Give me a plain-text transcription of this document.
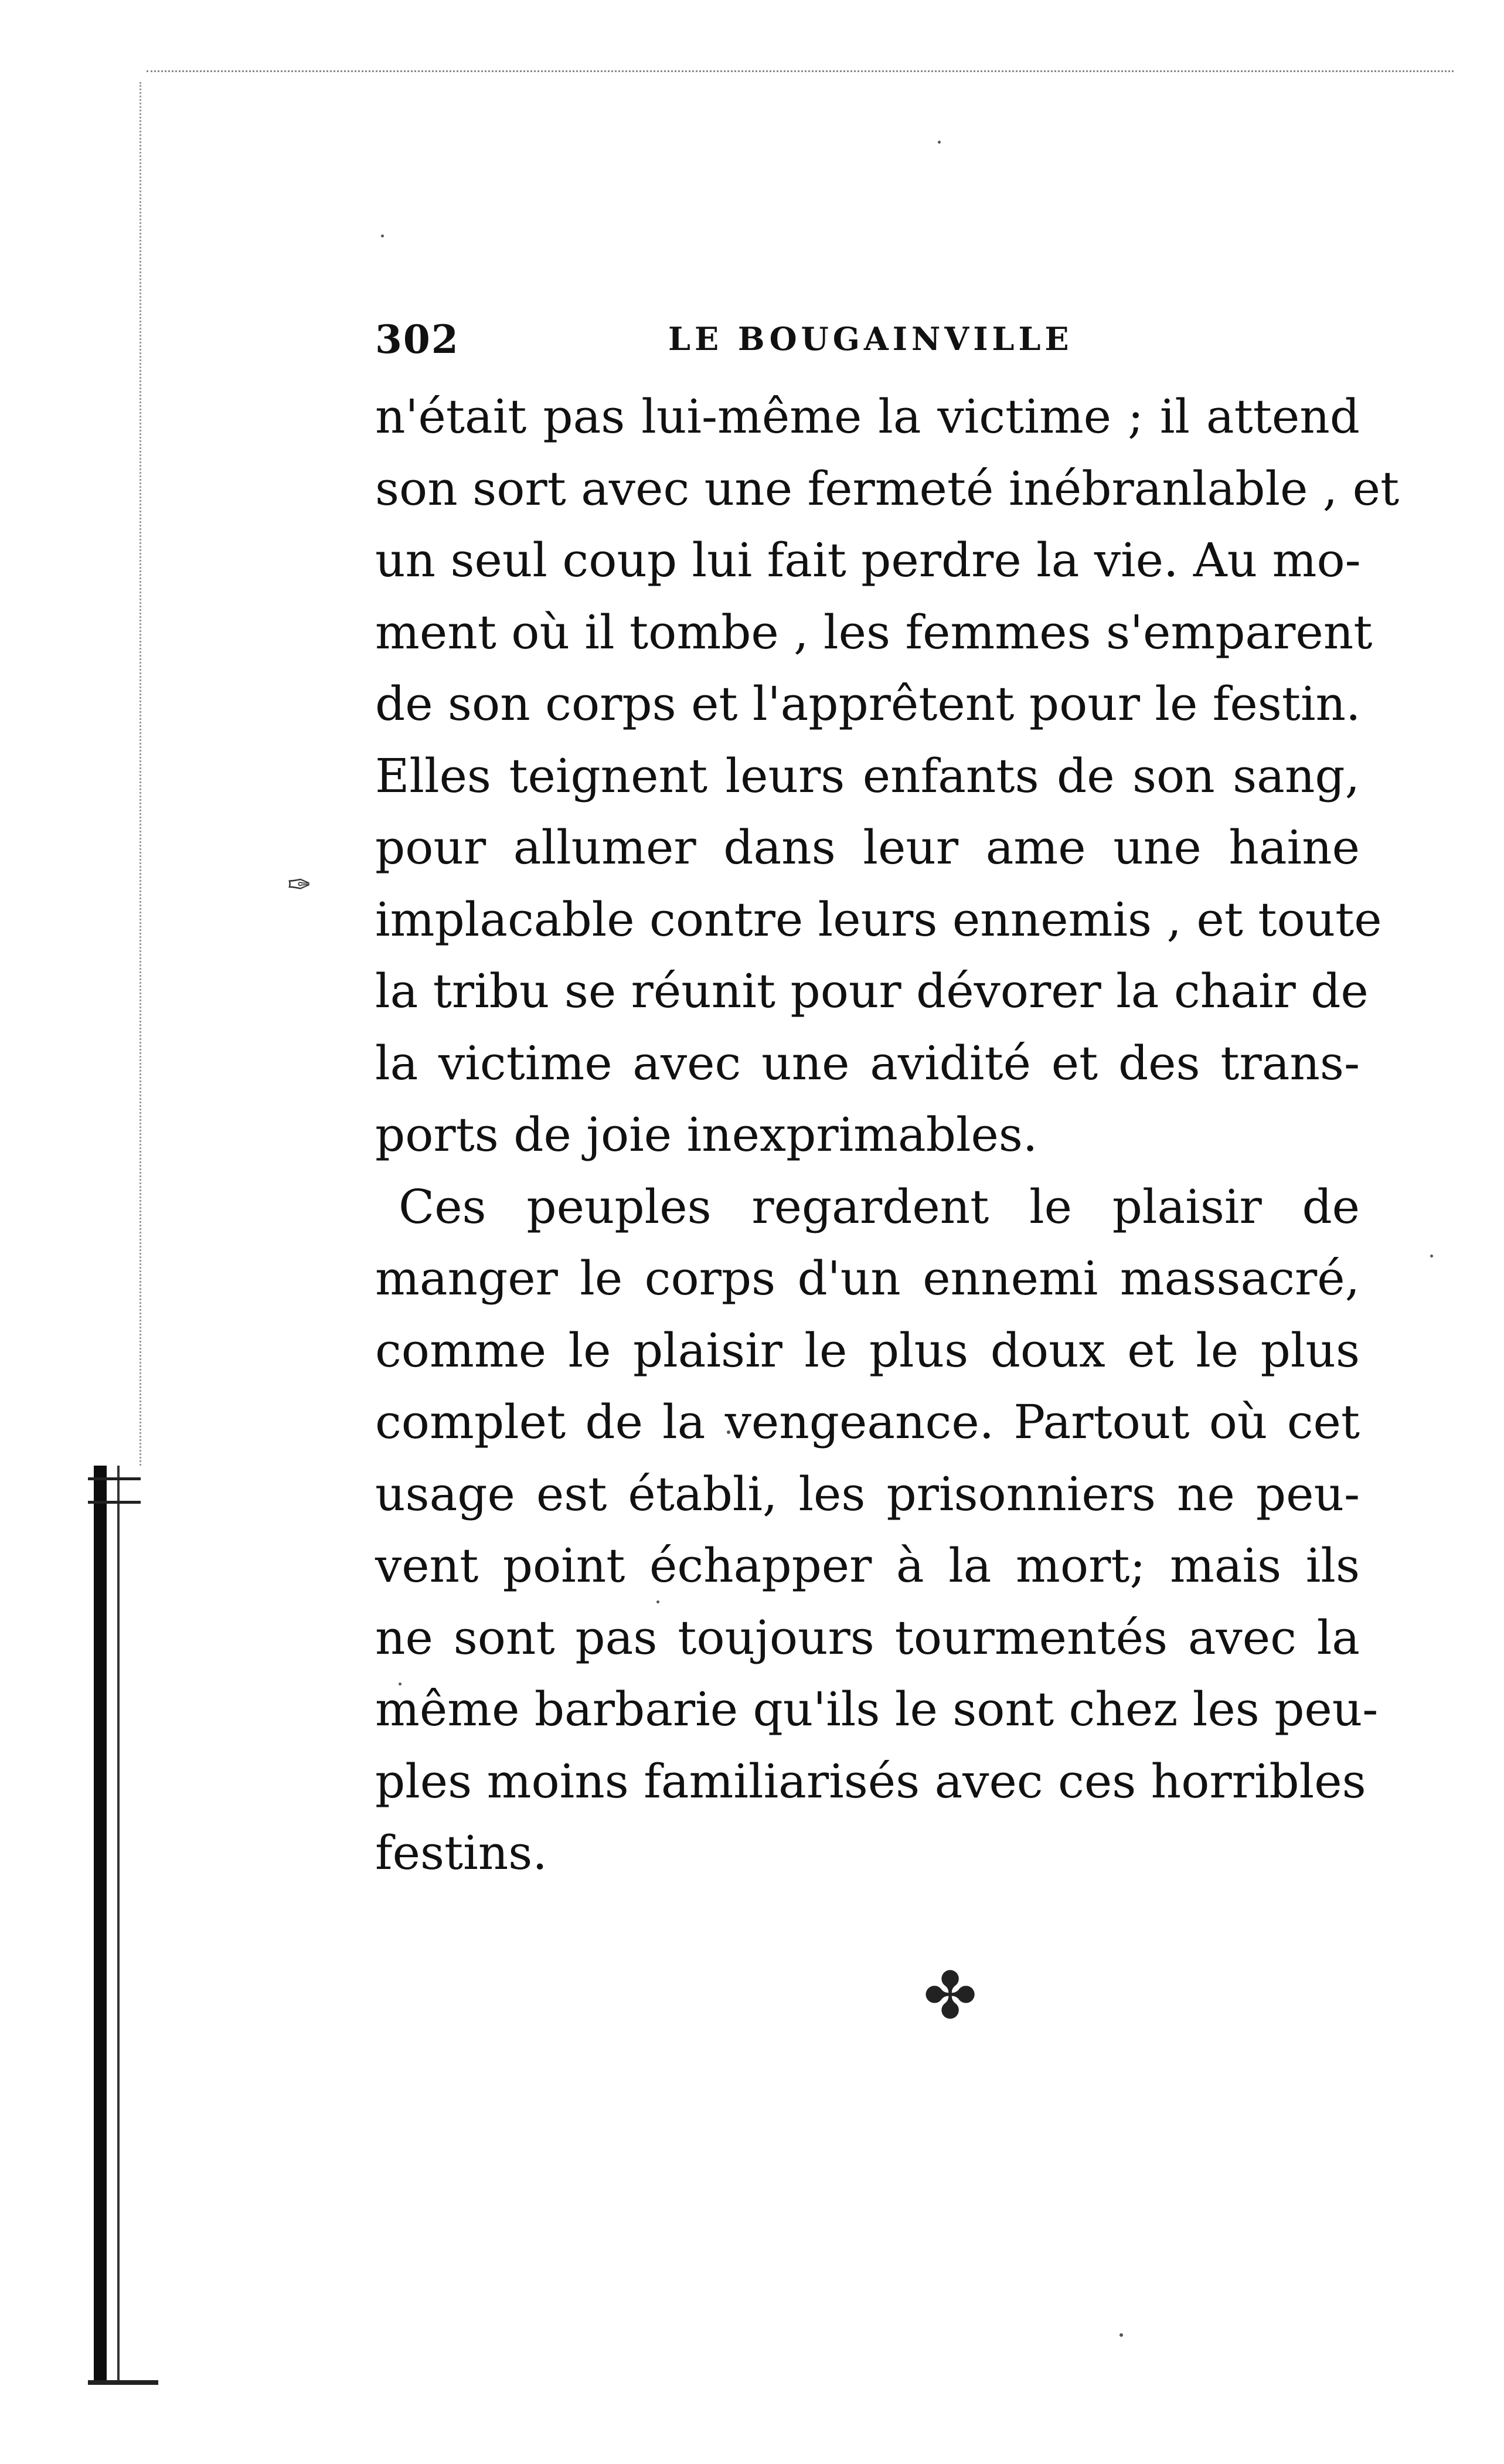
✑
302	LE BOUGAINVILLE
n'était pas lui-même la victime ; il attend
son sort avec une fermeté inébranlable , et
un seul coup lui fait perdre la vie. Au mo-
ment où il tombe , les femmes s'emparent
de son corps et l'apprêtent pour le festin.
Elles teignent leurs enfants de son sang,
pour allumer dans leur ame une haine
implacable contre leurs ennemis , et toute
la tribu se réunit pour dévorer la chair de
la victime avec une avidité et des trans-
ports de joie inexprimables.
Ces peuples regardent le plaisir de
manger le corps d'un ennemi massacré,
comme le plaisir le plus doux et le plus
complet de la vengeance. Partout où cet
usage est établi, les prisonniers ne peu-
vent point échapper à la mort; mais ils
ne sont pas toujours tourmentés avec la
même barbarie qu'ils le sont chez les peu-
ples moins familiarisés avec ces horribles
festins.
✤
